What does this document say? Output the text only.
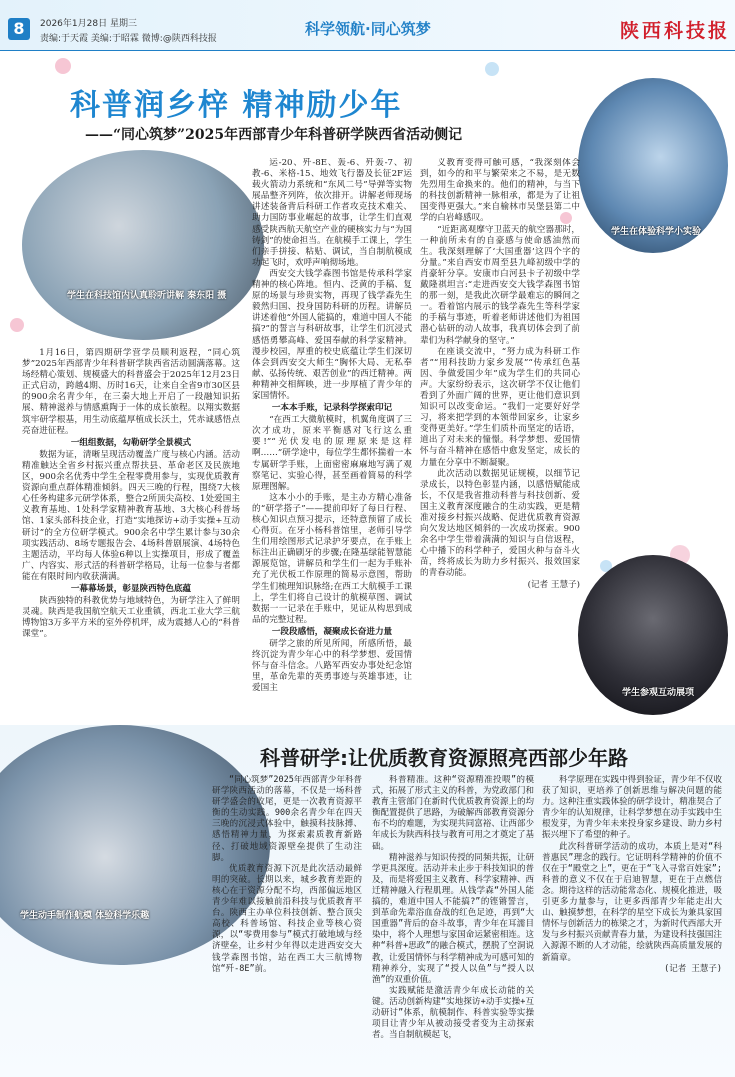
8	2026年1月28日 星期三
责编:于天霞 美编:于昭霖 微博:@陕西科技报
科学领航·同心筑梦	陕西科技报
科普润乡梓 精神励少年
——“同心筑梦”2025年西部青少年科普研学陕西省活动侧记
学生在科技馆内认真聆听讲解 秦东阳 摄
学生在体验科学小实验
学生参观互动展项

1月16日，第四期研学营学员顺利返程，“同心筑梦”2025年西部青少年科普研学陕西省活动圆满落幕。这场经精心策划、规模盛大的科普盛会于2025年12月23日正式启动，跨越4期、历时16天，让来自全省9市30区县的900余名青少年，在三秦大地上开启了一段融知识拓展、精神滋养与情感熏陶于一体的成长旅程。以翔实数据筑牢研学根基，用生动底蕴厚植成长沃土，凭赤诚感悟点亮奋进征程。

一组组数据，勾勒研学全景模式

数据为证，清晰呈现活动覆盖广度与核心内涵。活动精准触达全省乡村振兴重点帮扶县、革命老区及民族地区，900余名优秀中学生全程零费用参与，实现优质教育资源向重点群体精准倾斜。四天三晚的行程，围绕7大核心任务构建多元研学体系，整合2所顶尖高校、1处爱国主义教育基地、1处科学家精神教育基地、3大核心科普场馆、1家头部科技企业，打造“实地探访+动手实操+互动研讨”的全方位研学模式。900余名中学生累计参与30余项实践活动、8场专题报告会、4场科普剧展演、4场特色主题活动，平均每人体验6种以上实操项目，形成了覆盖广、内容实、形式活的科普研学格局，让每一位参与者都能在有限时间内收获满满。

一幕幕场景，彰显陕西特色底蕴

陕西独特的科教优势与地域特色，为研学注入了鲜明灵魂。陕西是我国航空航天工业重镇，西北工业大学三航博物馆3万多平方米的室外停机坪，成为震撼人心的“科普课堂”。

运-20、歼-8E、轰-6、歼轰-7、初教-6、米格-15、地效飞行器及长征2F运载火箭动力系统和“东风二号”导弹等实物展品整齐列阵，依次排开。讲解老师现场讲述装备背后科研工作者攻克技术难关、助力国防事业崛起的故事，让学生们直观感受陕西航天航空产业的硬核实力与“为国铸剑”的使命担当。在航模手工课上，学生们亲手拼接、粘贴、调试，当自制航模成功起飞时，欢呼声响彻场地。

西安交大钱学森图书馆是传承科学家精神的核心阵地。恒内、泛黄的手稿、复原的场景与珍贵实物，再现了钱学森先生毅然归国、投身国防科研的历程。讲解员讲述着他“外国人能搞的，难道中国人不能搞?”的誓言与科研故事，让学生们沉浸式感悟勇攀高峰、爱国奉献的科学家精神。漫步校园，厚重的校史底蕴让学生们深切体会到西安交大师生“胸怀大局、无私奉献、弘扬传统、艰苦创业”的西迁精神。两种精神交相辉映，进一步厚植了青少年的家国情怀。

一本本手账，记录科学探索印记

“在西工大微航模时，机翼角度调了三次才成功，原来平衡感对飞行这么重要!”“光伏发电的原理原来是这样啊……”研学途中，每位学生都怀揣着一本专属研学手账，上面密密麻麻地写满了观察笔记、实验心得，甚至画着简易的科学原理图解。

这本小小的手账，是主办方精心准备的“研学搭子”——提前印好了每日行程、核心知识点预习提示，还特意预留了成长心得页。在牙小杨科普馆里，老师引导学生们用绘图形式记录护牙要点，在手账上标注出正确刷牙的步骤;在隆基绿能智慧能源展览馆，讲解员和学生们一起为手账补充了光伏板工作原理的简易示意图，帮助学生们梳理知识脉络;在西工大航模手工课上，学生们将自己设计的航模草图、调试数据一一记录在手账中，见证从构思到成品的完整过程。

一段段感悟，凝聚成长奋进力量

研学之旅的所见所闻，所感所悟，最终沉淀为青少年心中的科学梦想、爱国情怀与奋斗信念。八路军西安办事处纪念馆里，革命先辈的英勇事迹与英雄事迹，让爱国主

义教育变得可触可感，“我深刻体会到，如今的和平与繁荣来之不易，是无数先烈用生命换来的。他们的精神，与当下的科技创新精神一脉相承，都是为了让祖国变得更强大。”来自榆林市吴堡县第二中学的白岩峰感叹。

“近距离观摩守卫蓝天的航空器那时，一种前所未有的自豪感与使命感油然而生。我深刻理解了‘大国重器’这四个字的分量。”来自西安市周至县九峰初级中学的肖豪轩分享。安康市白河县卡子初级中学戴隆祺坦言:“走进西安交大钱学森图书馆的那一刻，是我此次研学最难忘的瞬间之一。看着馆内展示的钱学森先生等科学家的手稿与事迹，听着老师讲述他们为祖国潜心钻研的动人故事，我真切体会到了前辈们为科学献身的坚守。”

在座谈交流中，“努力成为科研工作者”“用科技助力家乡发展”“传承红色基因、争做爱国少年”成为学生们的共同心声。大家纷纷表示，这次研学不仅让他们看到了外面广阔的世界，更让他们意识到知识可以改变命运。“我们一定要好好学习，将来把学到的本领带回家乡，让家乡变得更美好。”学生们质朴而坚定的话语，道出了对未来的憧憬。科学梦想、爱国情怀与奋斗精神在感悟中愈发坚定，成长的力量在分享中不断凝聚。

此次活动以数据见证规模，以细节记录成长，以特色彰显内涵，以感悟赋能成长，不仅是我省推动科普与科技创新、爱国主义教育深度融合的生动实践，更是精准对接乡村振兴战略、促进优质教育资源向欠发达地区倾斜的一次成功探索。900余名中学生带着满满的知识与自信返程，心中播下的科学种子，爱国火种与奋斗火苗，终将成长为助力乡村振兴、报效国家的青春动能。

(记者 王慧子)

学生动手制作航模 体验科学乐趣
科普研学:让优质教育资源照亮西部少年路

“同心筑梦”2025年西部青少年科普研学陕西活动的落幕，不仅是一场科普研学盛会的收尾，更是一次教育资源平衡的生动实践。900余名青少年在四天三晚的沉浸式体验中，触摸科技脉搏、感悟精神力量，为探索素质教育新路径、打破地域资源壁垒提供了生动注脚。

优质教育资源下沉是此次活动最鲜明的突破。长期以来，城乡教育差距的核心在于资源分配不均，西部偏远地区青少年难以接触前沿科技与优质教育平台。陕西主办单位科技创新、整合顶尖高校、科普场馆、科技企业等核心资源，以“零费用参与”模式打破地域与经济壁垒，让乡村少年得以走进西安交大钱学森图书馆，站在西工大三航博物馆“歼-8E”前。

科普精准。这种“资源精准投喂”的模式，拓展了形式主义的科普，为党政部门和教育主管部门在新时代优质教育资源上的均衡配置提供了思路，为破解西部教育资源分布不均的难题，为实现共同富裕、让西部少年成长为陕西科技与教育可用之才奠定了基础。

精神滋养与知识传授的同频共振，让研学更具深度。活动并未止步于科技知识的普及，而是将爱国主义教育、科学家精神、西迁精神融入行程肌理。从钱学森“外国人能搞的，难道中国人不能搞?”的铿锵誓言，到革命先辈浴血奋战的红色足迹，再到“大国重器”背后的奋斗故事，青少年在耳濡目染中，将个人理想与家国命运紧密相连。这种“科普+思政”的融合模式，摆脱了空洞说教，让爱国情怀与科学精神成为可感可知的精神养分，实现了“授人以鱼”与“授人以渔”的双重价值。

实践赋能是激活青少年成长动能的关键。活动创新构建“实地探访+动手实操+互动研讨”体系，航模制作、科普实验等实操项目让青少年从被动接受者变为主动探索者。当自制航模起飞，

科学原理在实践中得到验证，青少年不仅收获了知识，更培养了创新思维与解决问题的能力。这种注重实践体验的研学设计，精准契合了青少年的认知规律，让科学梦想在动手实践中生根发芽，为青少年未来投身家乡建设、助力乡村振兴埋下了希望的种子。

此次科普研学活动的成功，本质上是对“科普惠民”理念的践行。它证明科学精神的价值不仅在于“殿堂之上”，更在于“飞入寻常百姓家”;科普的意义不仅在于启迪智慧，更在于点燃信念。期待这样的活动能常态化、规模化推进，吸引更多力量参与，让更多西部青少年能走出大山、触摸梦想，在科学的星空下成长为兼具家国情怀与创新活力的栋梁之才，为新时代西部大开发与乡村振兴贡献青春力量，为建设科技强国注入源源不断的人才动能，绘就陕西高质量发展的新篇章。

(记者 王慧子)
